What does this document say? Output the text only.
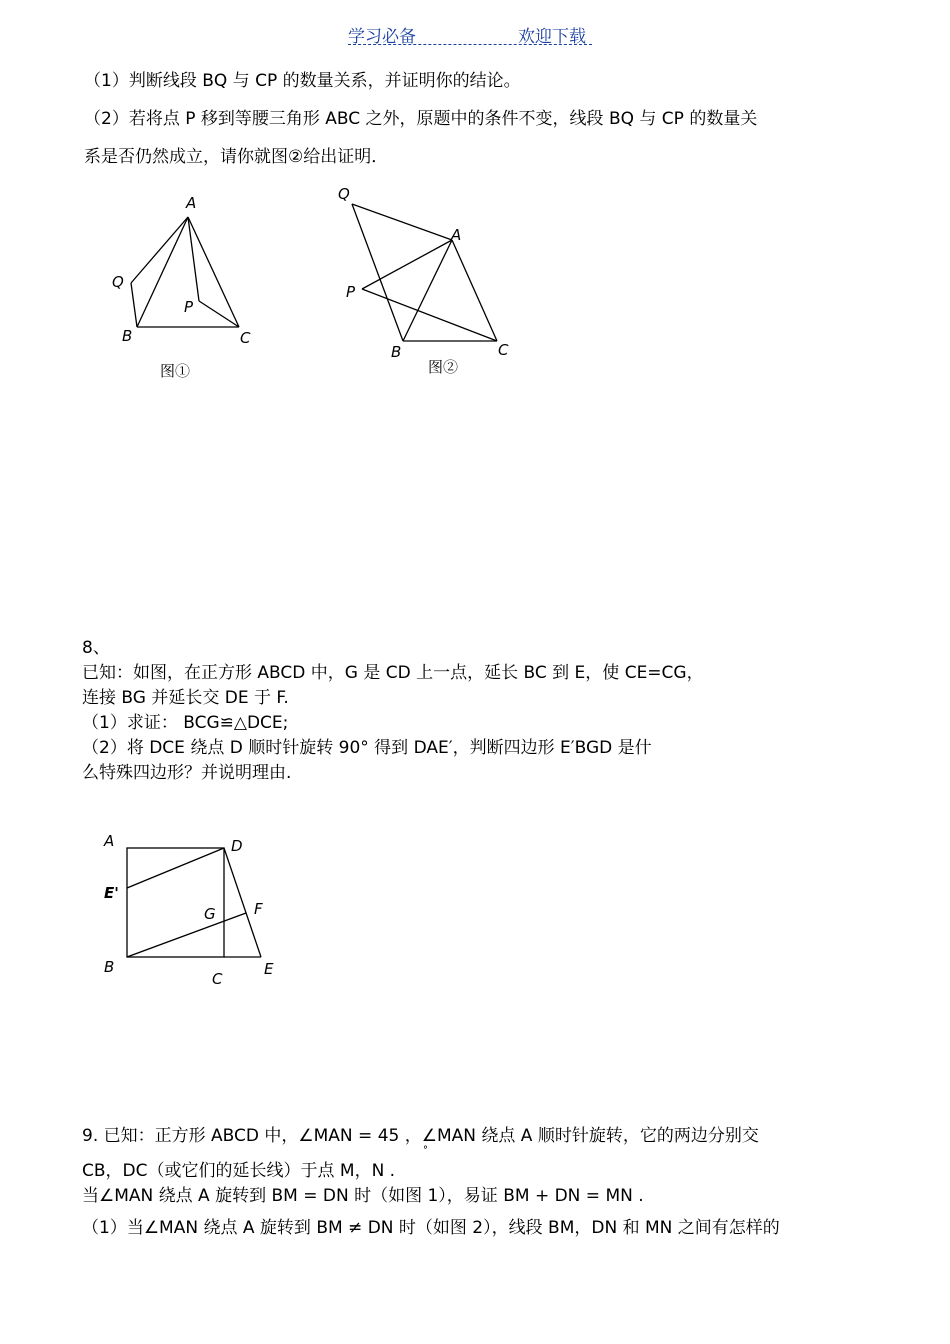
学习必备	欢迎下载
（1）判断线段 BQ 与 CP 的数量关系，并证明你的结论。
（2）若将点 P 移到等腰三角形 ABC 之外，原题中的条件不变，线段 BQ 与 CP 的数量关
系是否仍然成立，请你就图②给出证明．
A
Q
P
B	C
图①
Q
A
P
B	C
图②
8、
已知：如图，在正方形 ABCD 中，G 是 CD 上一点，延长 BC 到 E，使 CE=CG，
连接 BG 并延长交 DE 于 F.
（1）求证： BCG≌△DCE;
（2）将 DCE 绕点 D 顺时针旋转 90° 得到 DAE′，判断四边形 E′BGD 是什
么特殊四边形？并说明理由.
A	D
E'
G	F
B
C
E
9. 已知：正方形 ABCD 中，∠MAN = 45 ，∠MAN 绕点 A 顺时针旋转，它的两边分别交
°
CB，DC（或它们的延长线）于点 M，N .
当∠MAN 绕点 A 旋转到 BM = DN 时（如图 1），易证 BM + DN = MN .
（1）当∠MAN 绕点 A 旋转到 BM ≠ DN 时（如图 2），线段 BM，DN 和 MN 之间有怎样的
